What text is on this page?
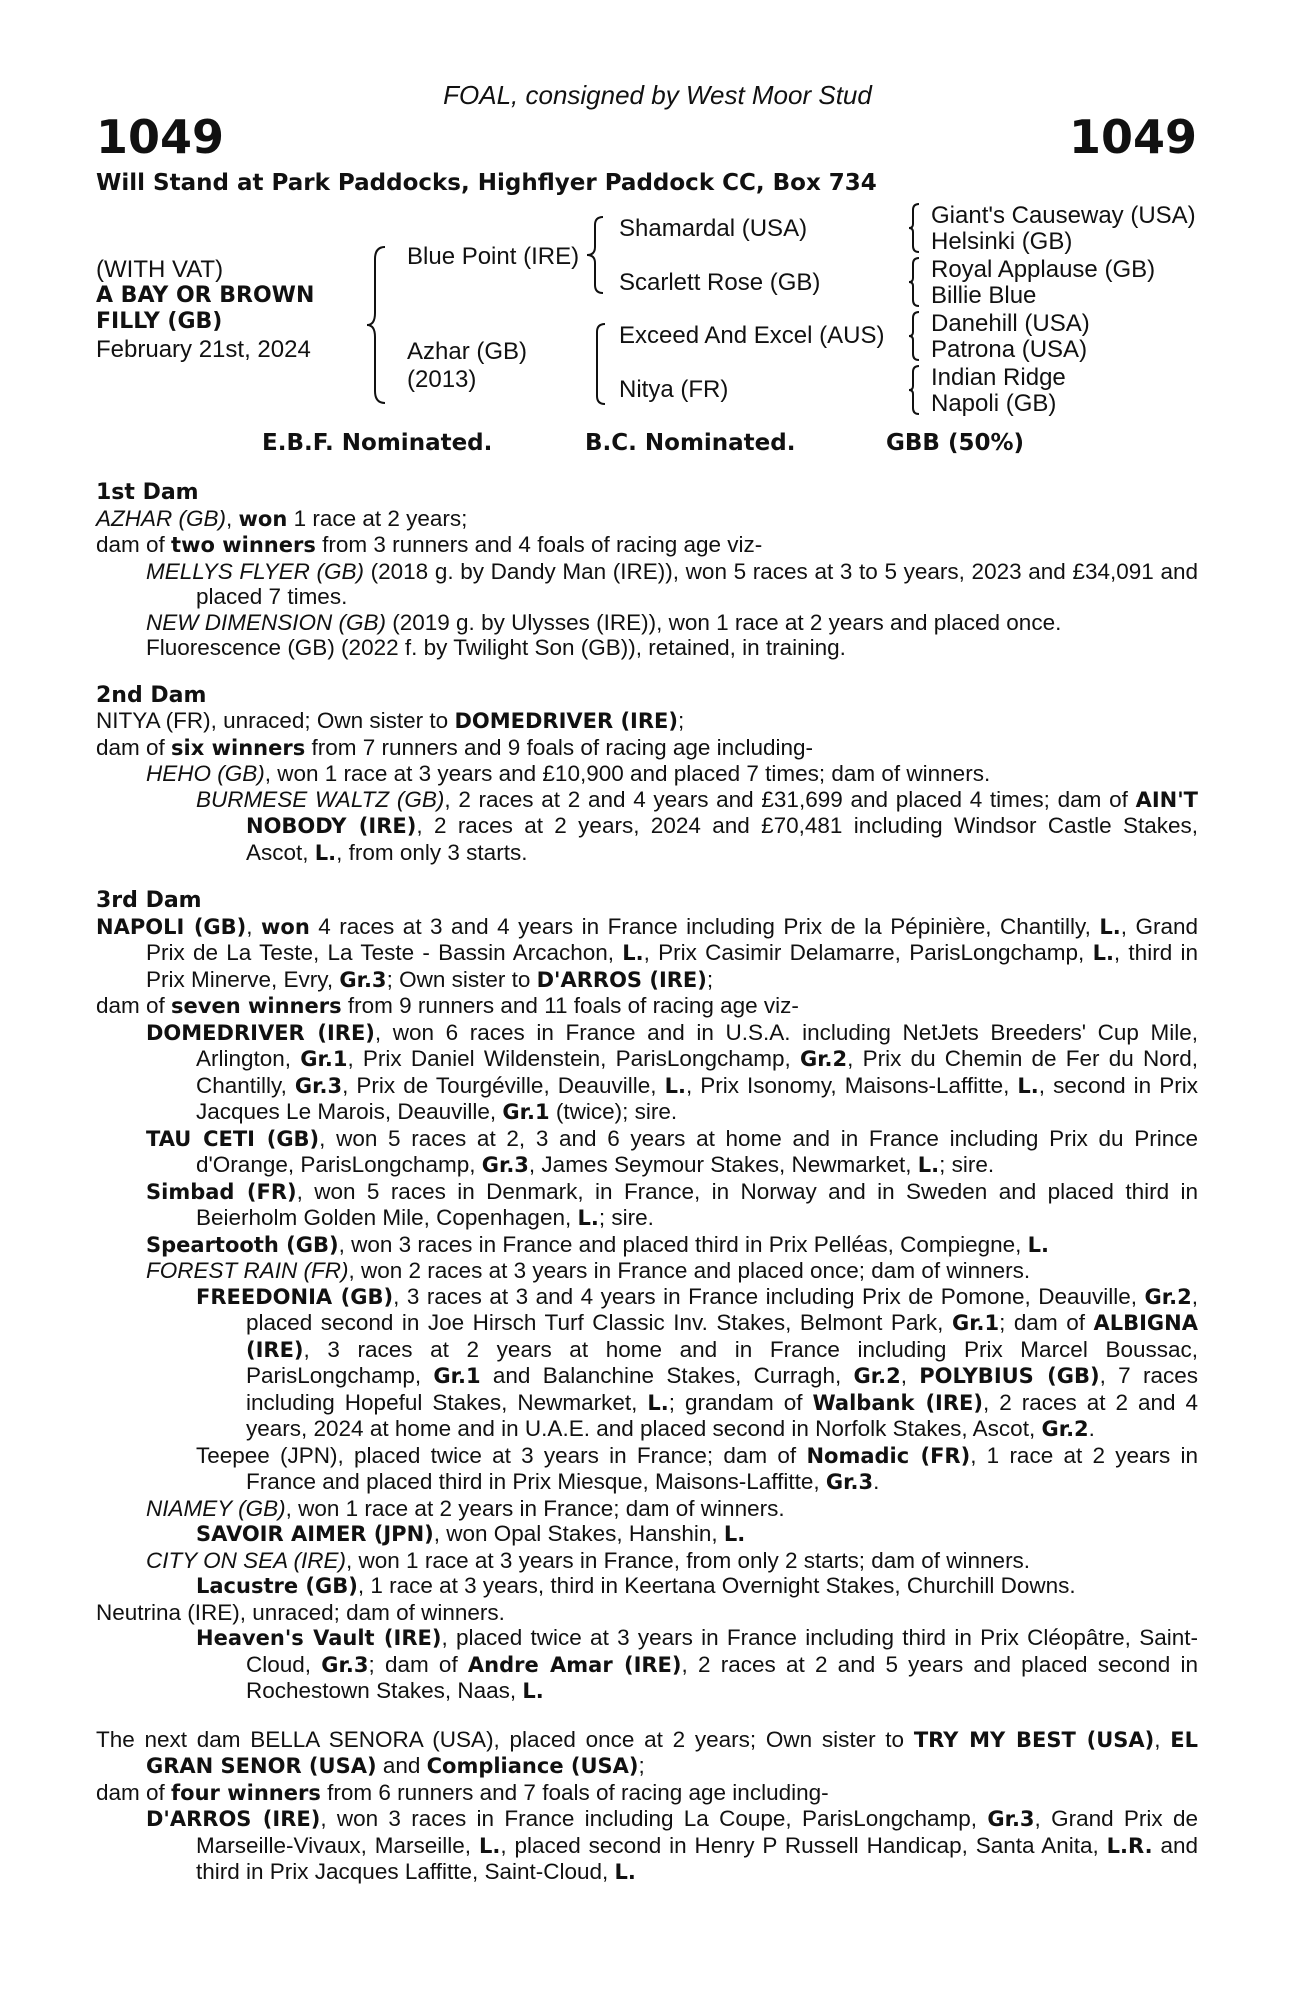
FOAL, consigned by West Moor Stud
1049	1049
Will Stand at Park Paddocks, Highflyer Paddock CC, Box 734
(WITH VAT)
A BAY OR BROWN
FILLY (GB)
February 21st, 2024
Blue Point (IRE)
Azhar (GB)
(2013)
Shamardal (USA)
Scarlett Rose (GB)
Exceed And Excel (AUS)
Nitya (FR)
Giant's Causeway (USA)
Helsinki (GB)
Royal Applause (GB)
Billie Blue
Danehill (USA)
Patrona (USA)
Indian Ridge
Napoli (GB)
E.B.F. Nominated.	B.C. Nominated.	GBB (50%)
1st Dam
AZHAR (GB), won 1 race at 2 years;
dam of two winners from 3 runners and 4 foals of racing age viz-
MELLYS FLYER (GB) (2018 g. by Dandy Man (IRE)), won 5 races at 3 to 5 years, 2023 and £34,091 and placed 7 times.
NEW DIMENSION (GB) (2019 g. by Ulysses (IRE)), won 1 race at 2 years and placed once.
Fluorescence (GB) (2022 f. by Twilight Son (GB)), retained, in training.
2nd Dam
NITYA (FR), unraced; Own sister to DOMEDRIVER (IRE);
dam of six winners from 7 runners and 9 foals of racing age including-
HEHO (GB), won 1 race at 3 years and £10,900 and placed 7 times; dam of winners.
BURMESE WALTZ (GB), 2 races at 2 and 4 years and £31,699 and placed 4 times; dam of AIN'T NOBODY (IRE), 2 races at 2 years, 2024 and £70,481 including Windsor Castle Stakes, Ascot, L., from only 3 starts.
3rd Dam
NAPOLI (GB), won 4 races at 3 and 4 years in France including Prix de la Pépinière, Chantilly, L., Grand Prix de La Teste, La Teste - Bassin Arcachon, L., Prix Casimir Delamarre, ParisLongchamp, L., third in Prix Minerve, Evry, Gr.3; Own sister to D'ARROS (IRE);
dam of seven winners from 9 runners and 11 foals of racing age viz-
DOMEDRIVER (IRE), won 6 races in France and in U.S.A. including NetJets Breeders' Cup Mile, Arlington, Gr.1, Prix Daniel Wildenstein, ParisLongchamp, Gr.2, Prix du Chemin de Fer du Nord, Chantilly, Gr.3, Prix de Tourgéville, Deauville, L., Prix Isonomy, Maisons-Laffitte, L., second in Prix Jacques Le Marois, Deauville, Gr.1 (twice); sire.
TAU CETI (GB), won 5 races at 2, 3 and 6 years at home and in France including Prix du Prince d'Orange, ParisLongchamp, Gr.3, James Seymour Stakes, Newmarket, L.; sire.
Simbad (FR), won 5 races in Denmark, in France, in Norway and in Sweden and placed third in Beierholm Golden Mile, Copenhagen, L.; sire.
Speartooth (GB), won 3 races in France and placed third in Prix Pelléas, Compiegne, L.
FOREST RAIN (FR), won 2 races at 3 years in France and placed once; dam of winners.
FREEDONIA (GB), 3 races at 3 and 4 years in France including Prix de Pomone, Deauville, Gr.2, placed second in Joe Hirsch Turf Classic Inv. Stakes, Belmont Park, Gr.1; dam of ALBIGNA (IRE), 3 races at 2 years at home and in France including Prix Marcel Boussac, ParisLongchamp, Gr.1 and Balanchine Stakes, Curragh, Gr.2, POLYBIUS (GB), 7 races including Hopeful Stakes, Newmarket, L.; grandam of Walbank (IRE), 2 races at 2 and 4 years, 2024 at home and in U.A.E. and placed second in Norfolk Stakes, Ascot, Gr.2.
Teepee (JPN), placed twice at 3 years in France; dam of Nomadic (FR), 1 race at 2 years in France and placed third in Prix Miesque, Maisons-Laffitte, Gr.3.
NIAMEY (GB), won 1 race at 2 years in France; dam of winners.
SAVOIR AIMER (JPN), won Opal Stakes, Hanshin, L.
CITY ON SEA (IRE), won 1 race at 3 years in France, from only 2 starts; dam of winners.
Lacustre (GB), 1 race at 3 years, third in Keertana Overnight Stakes, Churchill Downs.
Neutrina (IRE), unraced; dam of winners.
Heaven's Vault (IRE), placed twice at 3 years in France including third in Prix Cléopâtre, Saint-Cloud, Gr.3; dam of Andre Amar (IRE), 2 races at 2 and 5 years and placed second in Rochestown Stakes, Naas, L.
The next dam BELLA SENORA (USA), placed once at 2 years; Own sister to TRY MY BEST (USA), EL GRAN SENOR (USA) and Compliance (USA);
dam of four winners from 6 runners and 7 foals of racing age including-
D'ARROS (IRE), won 3 races in France including La Coupe, ParisLongchamp, Gr.3, Grand Prix de Marseille-Vivaux, Marseille, L., placed second in Henry P Russell Handicap, Santa Anita, L.R. and third in Prix Jacques Laffitte, Saint-Cloud, L.
